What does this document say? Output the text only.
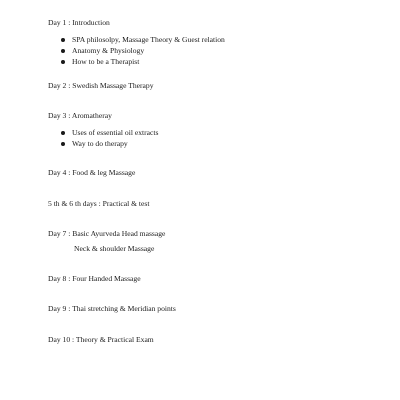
Day 1 : Introduction
SPA philosolpy, Massage Theory & Guest relation
Anatomy & Physiology
How to be a Therapist
Day 2 : Swedish Massage Therapy
Day 3 : Aromatheray
Uses of essential oil extracts
Way to do therapy
Day 4 : Food & leg Massage
5 th & 6 th days : Practical & test
Day 7 : Basic Ayurveda Head massage
Neck & shoulder Massage
Day 8 : Four Handed Massage
Day 9 : Thai stretching & Meridian points
Day 10 : Theory & Practical Exam
